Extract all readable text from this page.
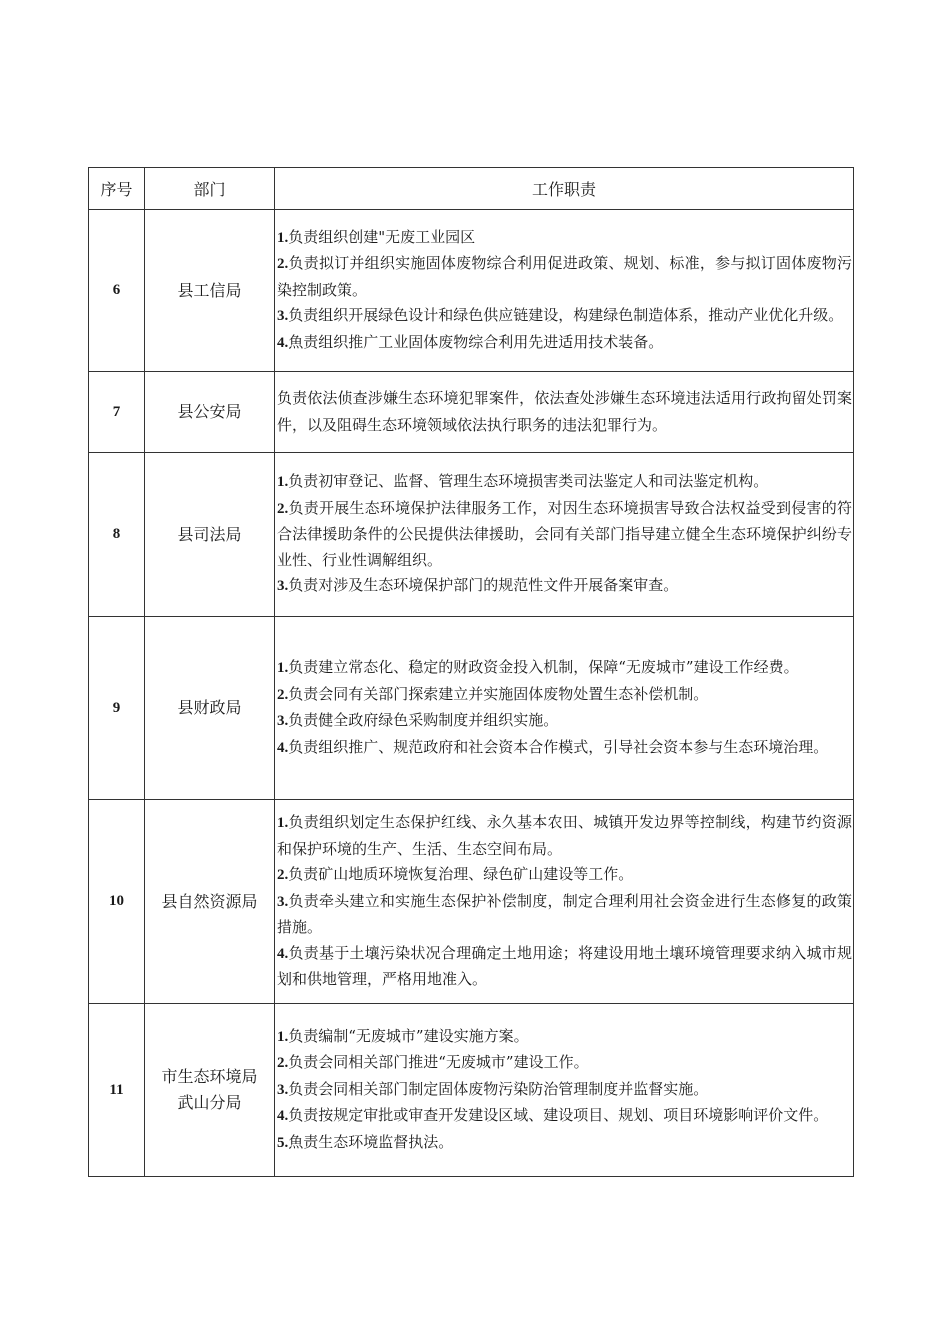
序号	部门	工作职责
6	县工信局	1.负责组织创建"无废工业园区
2.负责拟订并组织实施固体废物综合利用促进政策、规划、标准，参与拟订固体废物污染控制政策。
3.负责组织开展绿色设计和绿色供应链建设，构建绿色制造体系，推动产业优化升级。
4.魚责组织推广工业固体废物综合利用先进适用技术装备。

7	县公安局	负责依法侦查涉嫌生态环境犯罪案件，依法查处涉嫌生态环境违法适用行政拘留处罚案件，以及阻碍生态环境领域依法执行职务的违法犯罪行为。

8	县司法局	1.负责初审登记、监督、管理生态环境损害类司法鉴定人和司法鉴定机构。
2.负责开展生态环境保护法律服务工作，对因生态环境损害导致合法权益受到侵害的符合法律援助条件的公民提供法律援助，会同有关部门指导建立健全生态环境保护纠纷专业性、行业性调解组织。
3.负责对涉及生态环境保护部门的规范性文件开展备案审查。

9	县财政局	1.负责建立常态化、稳定的财政资金投入机制，保障“无废城市”建设工作经费。
2.负责会同有关部门探索建立并实施固体废物处置生态补偿机制。
3.负责健全政府绿色采购制度并组织实施。
4.负责组织推广、规范政府和社会资本合作模式，引导社会资本参与生态环境治理。

10	县自然资源局	1.负责组织划定生态保护红线、永久基本农田、城镇开发边界等控制线，构建节约资源和保护环境的生产、生活、生态空间布局。
2.负责矿山地质环境恢复治理、绿色矿山建设等工作。
3.负责牵头建立和实施生态保护补偿制度，制定合理利用社会资金进行生态修复的政策措施。
4.负责基于土壤污染状况合理确定土地用途；将建设用地土壤环境管理要求纳入城市规划和供地管理，严格用地准入。

11	市生态环境局武山分局	1.负责编制“无废城市”建设实施方案。
2.负责会同相关部门推进“无废城市”建设工作。
3.负责会同相关部门制定固体废物污染防治管理制度并监督实施。
4.负责按规定审批或审查开发建设区域、建设项目、规划、项目环境影响评价文件。
5.魚责生态环境监督执法。
